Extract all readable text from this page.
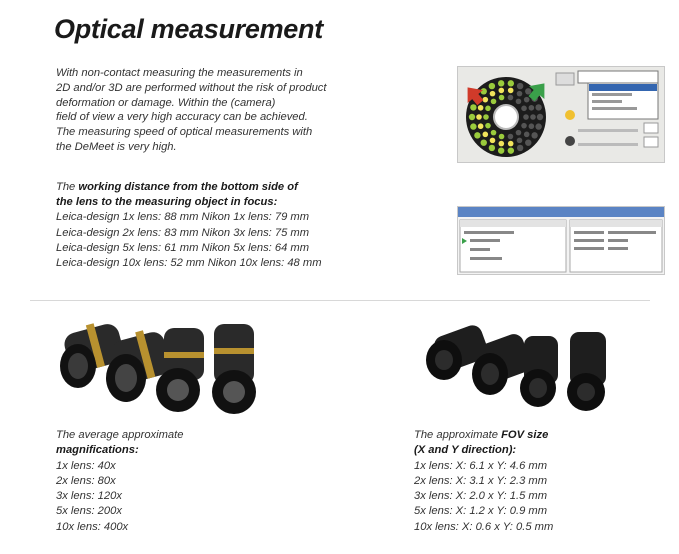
Optical measurement
With non-contact measuring the measurements in
2D and/or 3D are performed without the risk of product
deformation or damage. Within the (camera)
field of view a very high accuracy can be achieved.
The measuring speed of optical measurements with
the DeMeet is very high.
The working distance from the bottom side of
the lens to the measuring object in focus:
Leica-design 1x lens: 88 mm Nikon 1x lens: 79 mm
Leica-design 2x lens: 83 mm Nikon 3x lens: 75 mm
Leica-design 5x lens: 61 mm Nikon 5x lens: 64 mm
Leica-design 10x lens: 52 mm Nikon 10x lens: 48 mm
The average approximate
magnifications:
1x lens: 40x
2x lens: 80x
3x lens: 120x
5x lens: 200x
10x lens: 400x
The approximate FOV size
(X and Y direction):
1x lens: X: 6.1 x Y: 4.6 mm
2x lens: X: 3.1 x Y: 2.3 mm
3x lens: X: 2.0 x Y: 1.5 mm
5x lens: X: 1.2 x Y: 0.9 mm
10x lens: X: 0.6 x Y: 0.5 mm
